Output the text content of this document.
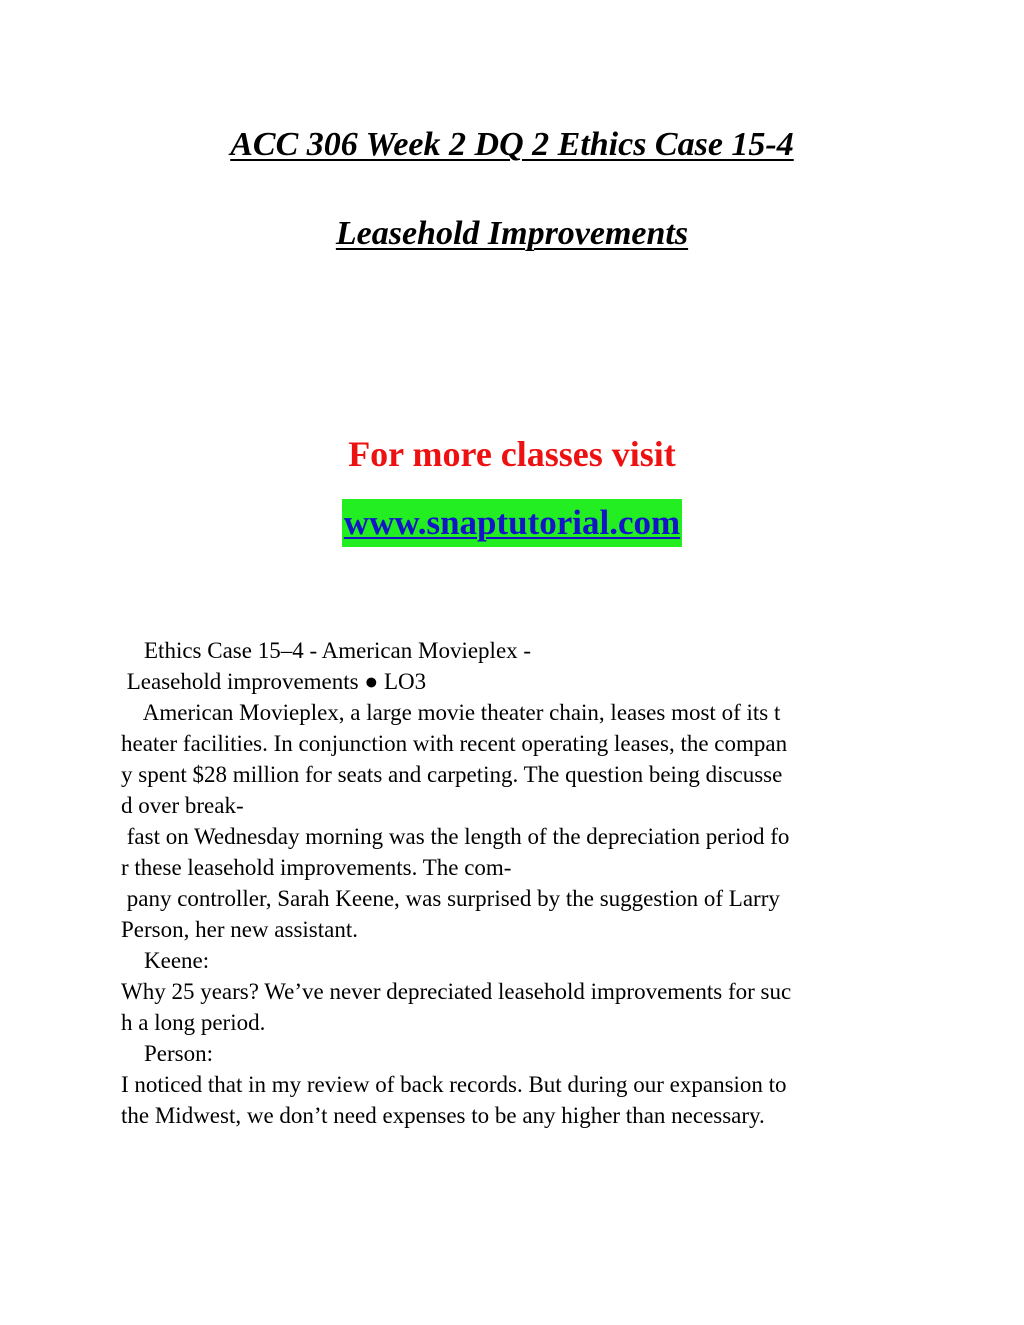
ACC 306 Week 2 DQ 2 Ethics Case 15-4
Leasehold Improvements

For more classes visit

www.snaptutorial.com

Ethics Case 15–4 - American Movieplex -
Leasehold improvements ● LO3
American Movieplex, a large movie theater chain, leases most of its t
heater facilities. In conjunction with recent operating leases, the compan
y spent $28 million for seats and carpeting. The question being discusse
d over break-
fast on Wednesday morning was the length of the depreciation period fo
r these leasehold improvements. The com-
pany controller, Sarah Keene, was surprised by the suggestion of Larry
Person, her new assistant.
Keene:
Why 25 years? We’ve never depreciated leasehold improvements for suc
h a long period.
Person:
I noticed that in my review of back records. But during our expansion to
the Midwest, we don’t need expenses to be any higher than necessary.
